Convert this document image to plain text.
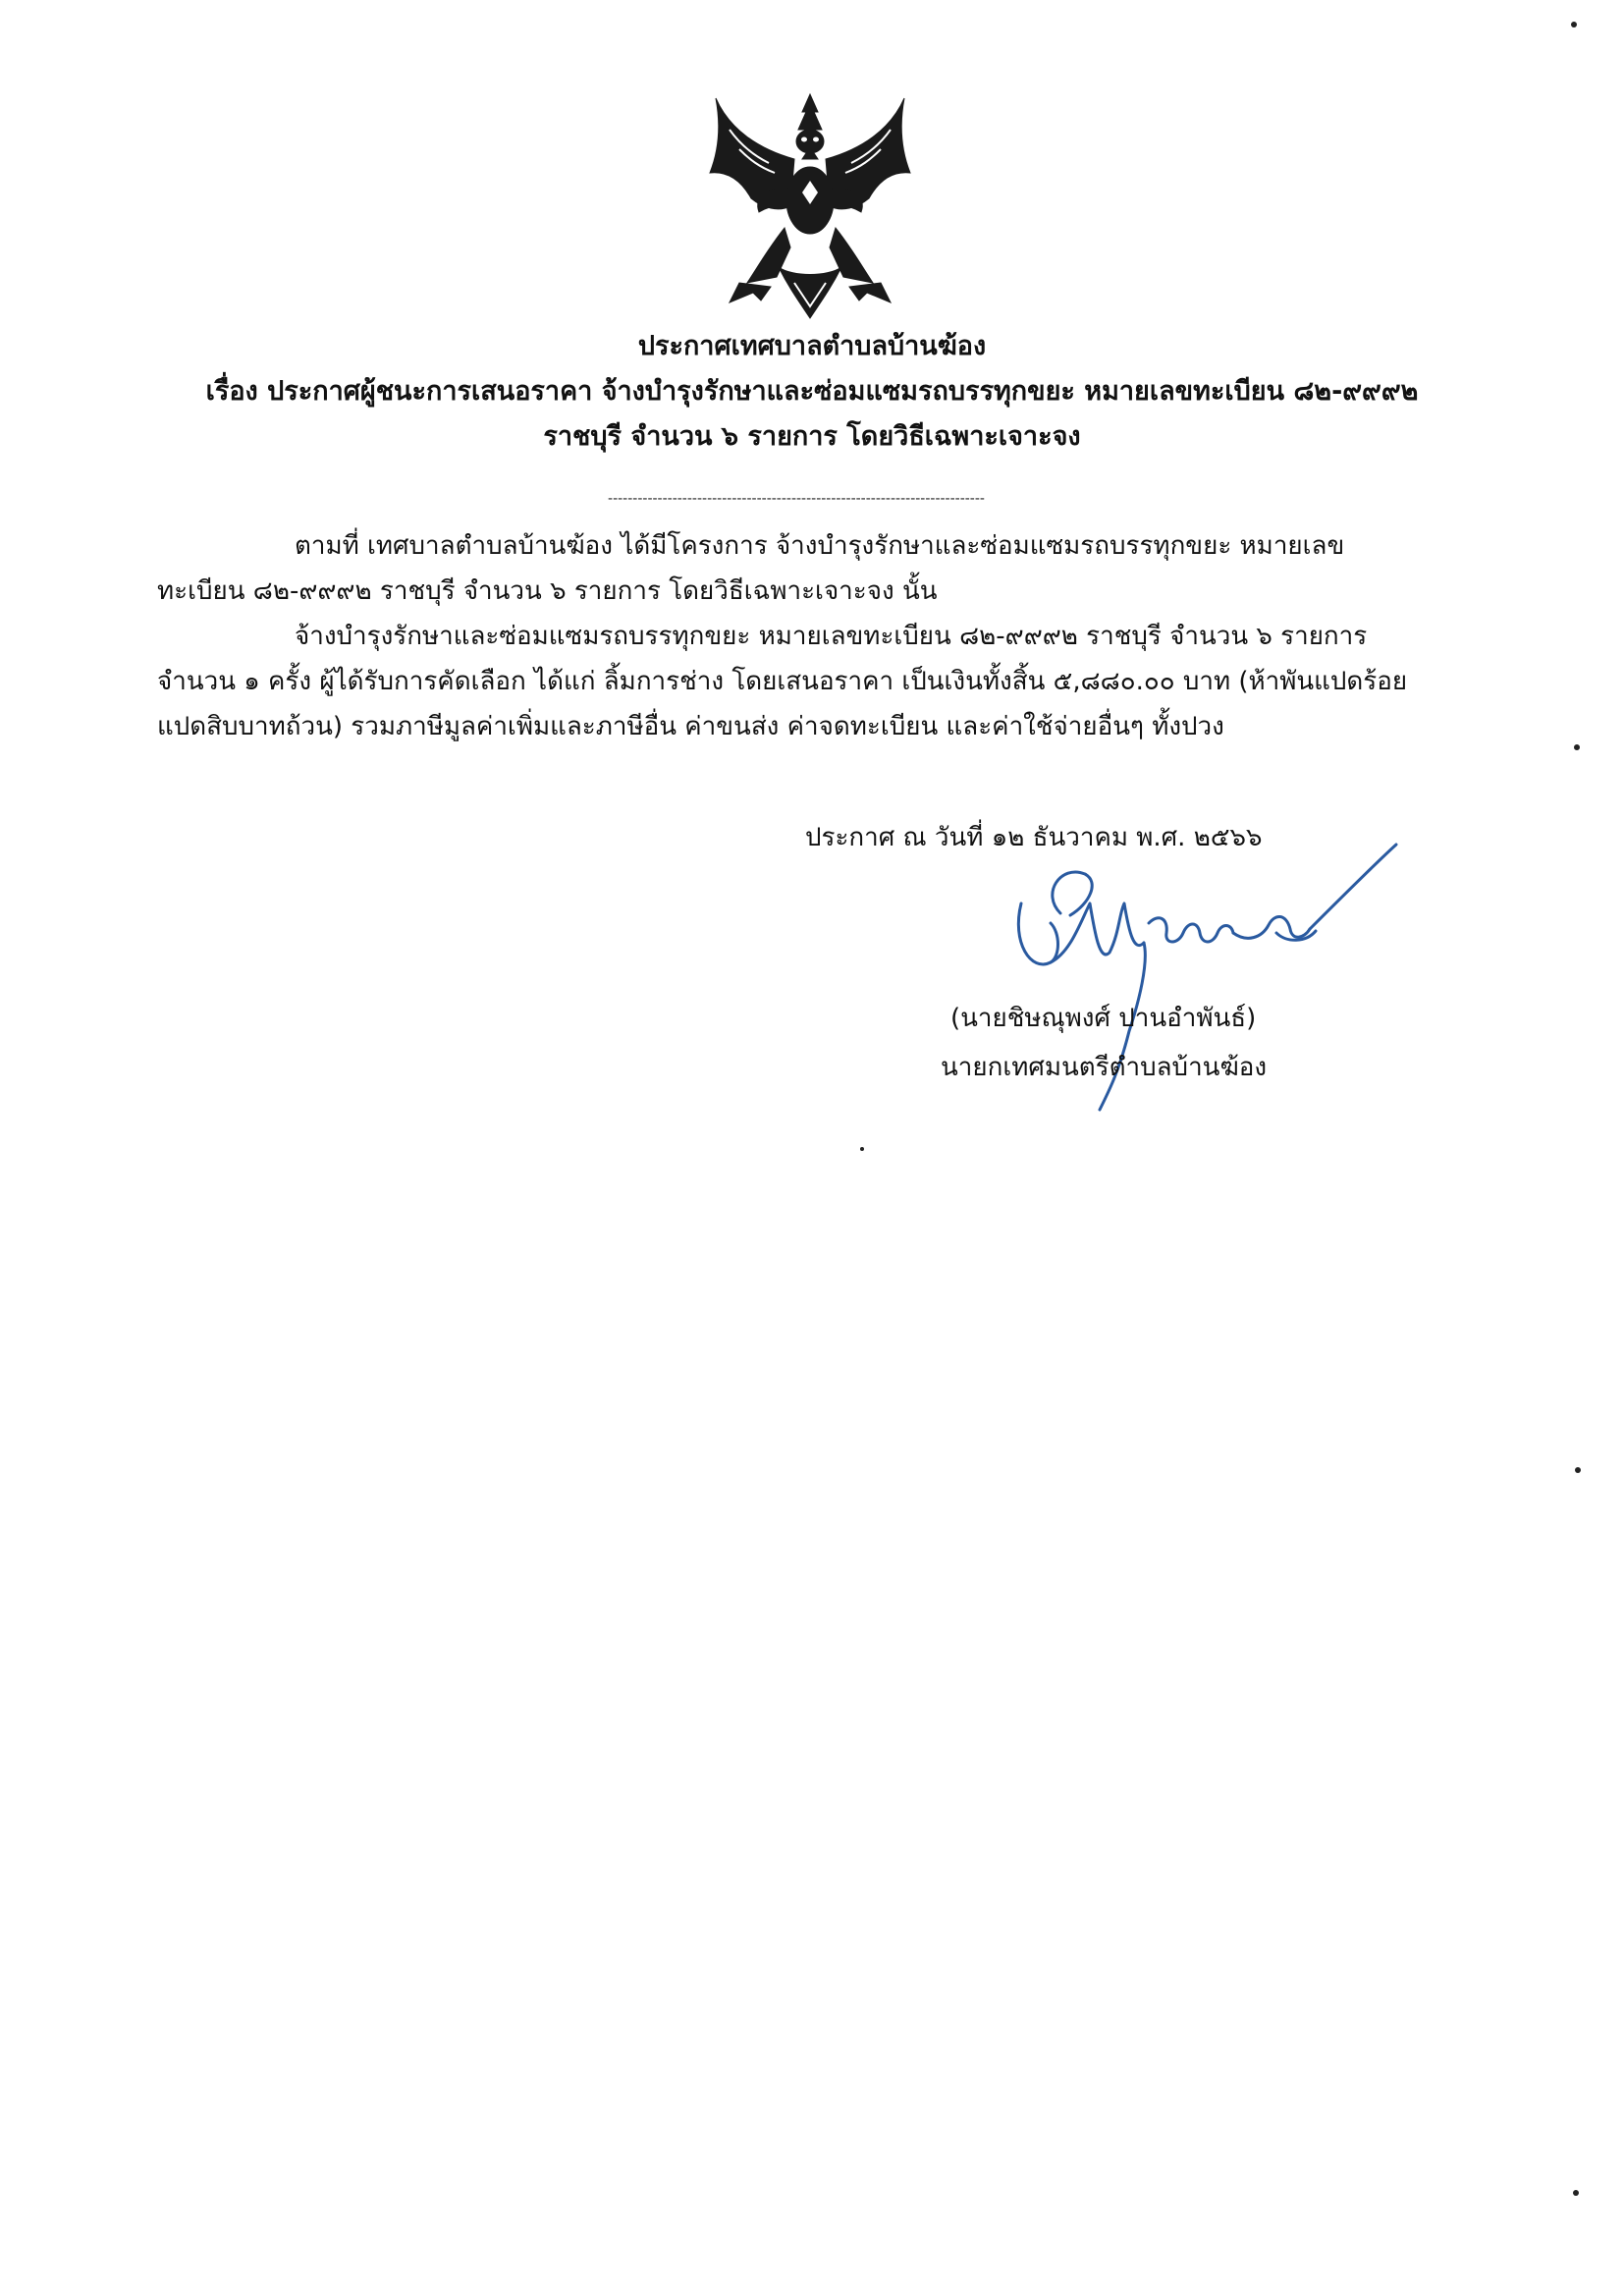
ประกาศเทศบาลตำบลบ้านฆ้อง
เรื่อง ประกาศผู้ชนะการเสนอราคา จ้างบำรุงรักษาและซ่อมแซมรถบรรทุกขยะ หมายเลขทะเบียน ๘๒-๙๙๙๒
ราชบุรี จำนวน ๖ รายการ โดยวิธีเฉพาะเจาะจง
----------------------------------------------------------------------------
ตามที่ เทศบาลตำบลบ้านฆ้อง ได้มีโครงการ จ้างบำรุงรักษาและซ่อมแซมรถบรรทุกขยะ หมายเลข
ทะเบียน ๘๒-๙๙๙๒ ราชบุรี จำนวน ๖ รายการ โดยวิธีเฉพาะเจาะจง นั้น
จ้างบำรุงรักษาและซ่อมแซมรถบรรทุกขยะ หมายเลขทะเบียน ๘๒-๙๙๙๒ ราชบุรี จำนวน ๖ รายการ
จำนวน ๑ ครั้ง ผู้ได้รับการคัดเลือก ได้แก่ ลิ้มการช่าง โดยเสนอราคา เป็นเงินทั้งสิ้น ๕,๘๘๐.๐๐ บาท (ห้าพันแปดร้อย
แปดสิบบาทถ้วน) รวมภาษีมูลค่าเพิ่มและภาษีอื่น ค่าขนส่ง ค่าจดทะเบียน และค่าใช้จ่ายอื่นๆ ทั้งปวง
ประกาศ ณ วันที่ ๑๒ ธันวาคม พ.ศ. ๒๕๖๖
(นายชิษณุพงศ์ ปานอำพันธ์)
นายกเทศมนตรีตำบลบ้านฆ้อง
